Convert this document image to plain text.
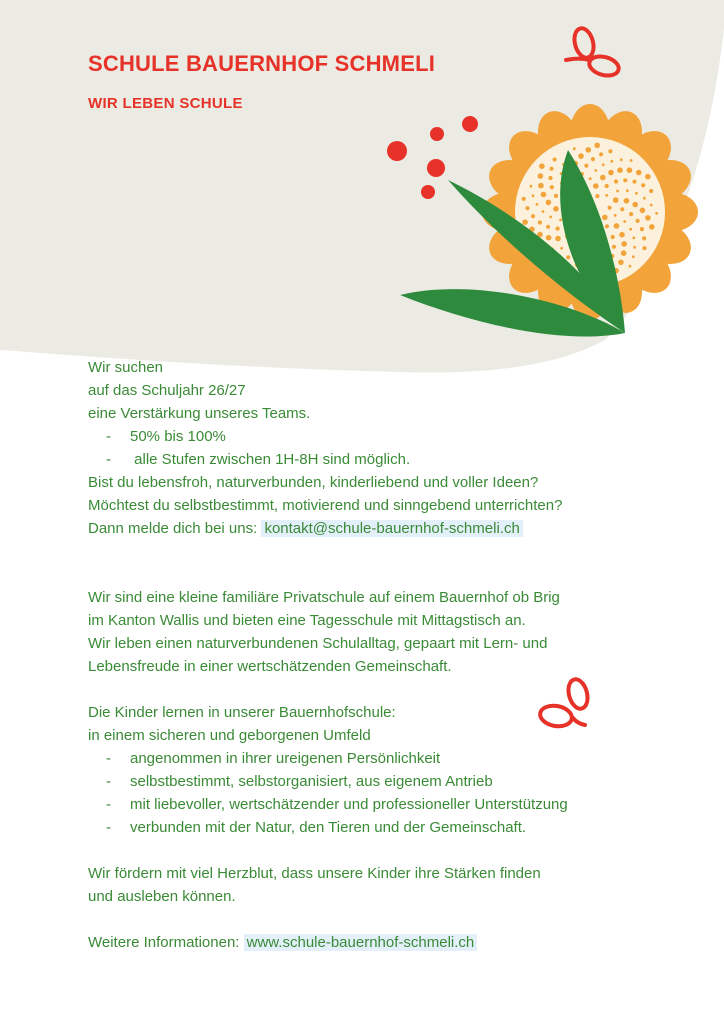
SCHULE BAUERNHOF SCHMELI
WIR LEBEN SCHULE

Wir suchen

auf das Schuljahr 26/27

eine Verstärkung unseres Teams.

- 50% bis 100%
-  alle Stufen zwischen 1H-8H sind möglich.

Bist du lebensfroh, naturverbunden, kinderliebend und voller Ideen?

Möchtest du selbstbestimmt, motivierend und sinngebend unterrichten?

Dann melde dich bei uns: kontakt@schule-bauernhof-schmeli.ch

Wir sind eine kleine familiäre Privatschule auf einem Bauernhof ob Brig

im Kanton Wallis und bieten eine Tagesschule mit Mittagstisch an.

Wir leben einen naturverbundenen Schulalltag, gepaart mit Lern- und

Lebensfreude in einer wertschätzenden Gemeinschaft.

Die Kinder lernen in unserer Bauernhofschule:

in einem sicheren und geborgenen Umfeld

- angenommen in ihrer ureigenen Persönlichkeit
- selbstbestimmt, selbstorganisiert, aus eigenem Antrieb
- mit liebevoller, wertschätzender und professioneller Unterstützung
- verbunden mit der Natur, den Tieren und der Gemeinschaft.

Wir fördern mit viel Herzblut, dass unsere Kinder ihre Stärken finden

und ausleben können.

Weitere Informationen: www.schule-bauernhof-schmeli.ch
